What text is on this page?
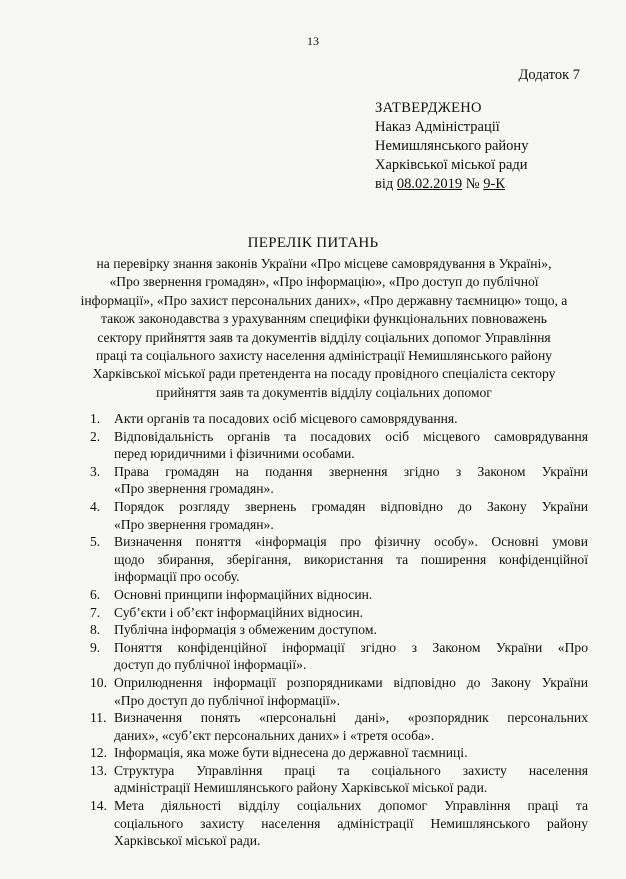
13
Додаток 7
ЗАТВЕРДЖЕНО
Наказ Адміністрації
Немишлянського району
Харківської міської ради
від 08.02.2019 № 9-К
ПЕРЕЛІК ПИТАНЬ
на перевірку знання законів України «Про місцеве самоврядування в Україні»,
«Про звернення громадян», «Про інформацію», «Про доступ до публічної
інформації», «Про захист персональних даних», «Про державну таємницю» тощо, а
також законодавства з урахуванням специфіки функціональних повноважень
сектору прийняття заяв та документів відділу соціальних допомог Управління
праці та соціального захисту населення адміністрації Немишлянського району
Харківської міської ради претендента на посаду провідного спеціаліста сектору
прийняття заяв та документів відділу соціальних допомог
1. Акти органів та посадових осіб місцевого самоврядування.
2. Відповідальність органів та посадових осіб місцевого самоврядування
перед юридичними і фізичними особами.
3. Права громадян на подання звернення згідно з Законом України
«Про звернення громадян».
4. Порядок розгляду звернень громадян відповідно до Закону України
«Про звернення громадян».
5. Визначення поняття «інформація про фізичну особу». Основні умови
щодо збирання, зберігання, використання та поширення конфіденційної
інформації про особу.
6. Основні принципи інформаційних відносин.
7. Суб’єкти і об’єкт інформаційних відносин.
8. Публічна інформація з обмеженим доступом.
9. Поняття конфіденційної інформації згідно з Законом України «Про
доступ до публічної інформації».
10. Оприлюднення інформації розпорядниками відповідно до Закону України
«Про доступ до публічної інформації».
11. Визначення понять «персональні дані», «розпорядник персональних
даних», «суб’єкт персональних даних» і «третя особа».
12. Інформація, яка може бути віднесена до державної таємниці.
13. Структура Управління праці та соціального захисту населення
адміністрації Немишлянського району Харківської міської ради.
14. Мета діяльності відділу соціальних допомог Управління праці та
соціального захисту населення адміністрації Немишлянського району
Харківської міської ради.
